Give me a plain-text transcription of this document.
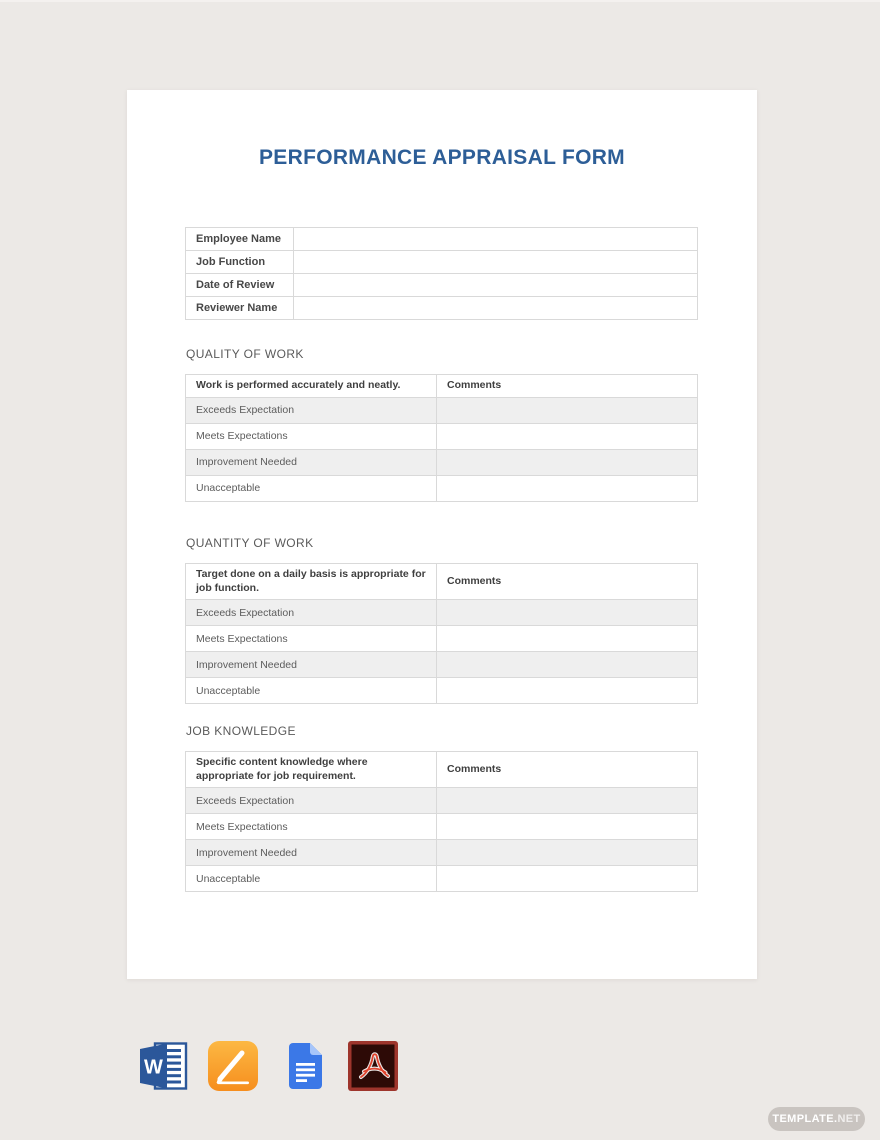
PERFORMANCE APPRAISAL FORM
Employee Name	
Job Function	
Date of Review	
Reviewer Name	
QUALITY OF WORK
Work is performed accurately and neatly.	Comments
Exceeds Expectation	
Meets Expectations	
Improvement Needed	
Unacceptable	
QUANTITY OF WORK
Target done on a daily basis is appropriate for job function.	Comments
Exceeds Expectation	
Meets Expectations	
Improvement Needed	
Unacceptable	
JOB KNOWLEDGE
Specific content knowledge where appropriate for job requirement.	Comments
Exceeds Expectation	
Meets Expectations	
Improvement Needed	
Unacceptable	
W
TEMPLATE. NET
